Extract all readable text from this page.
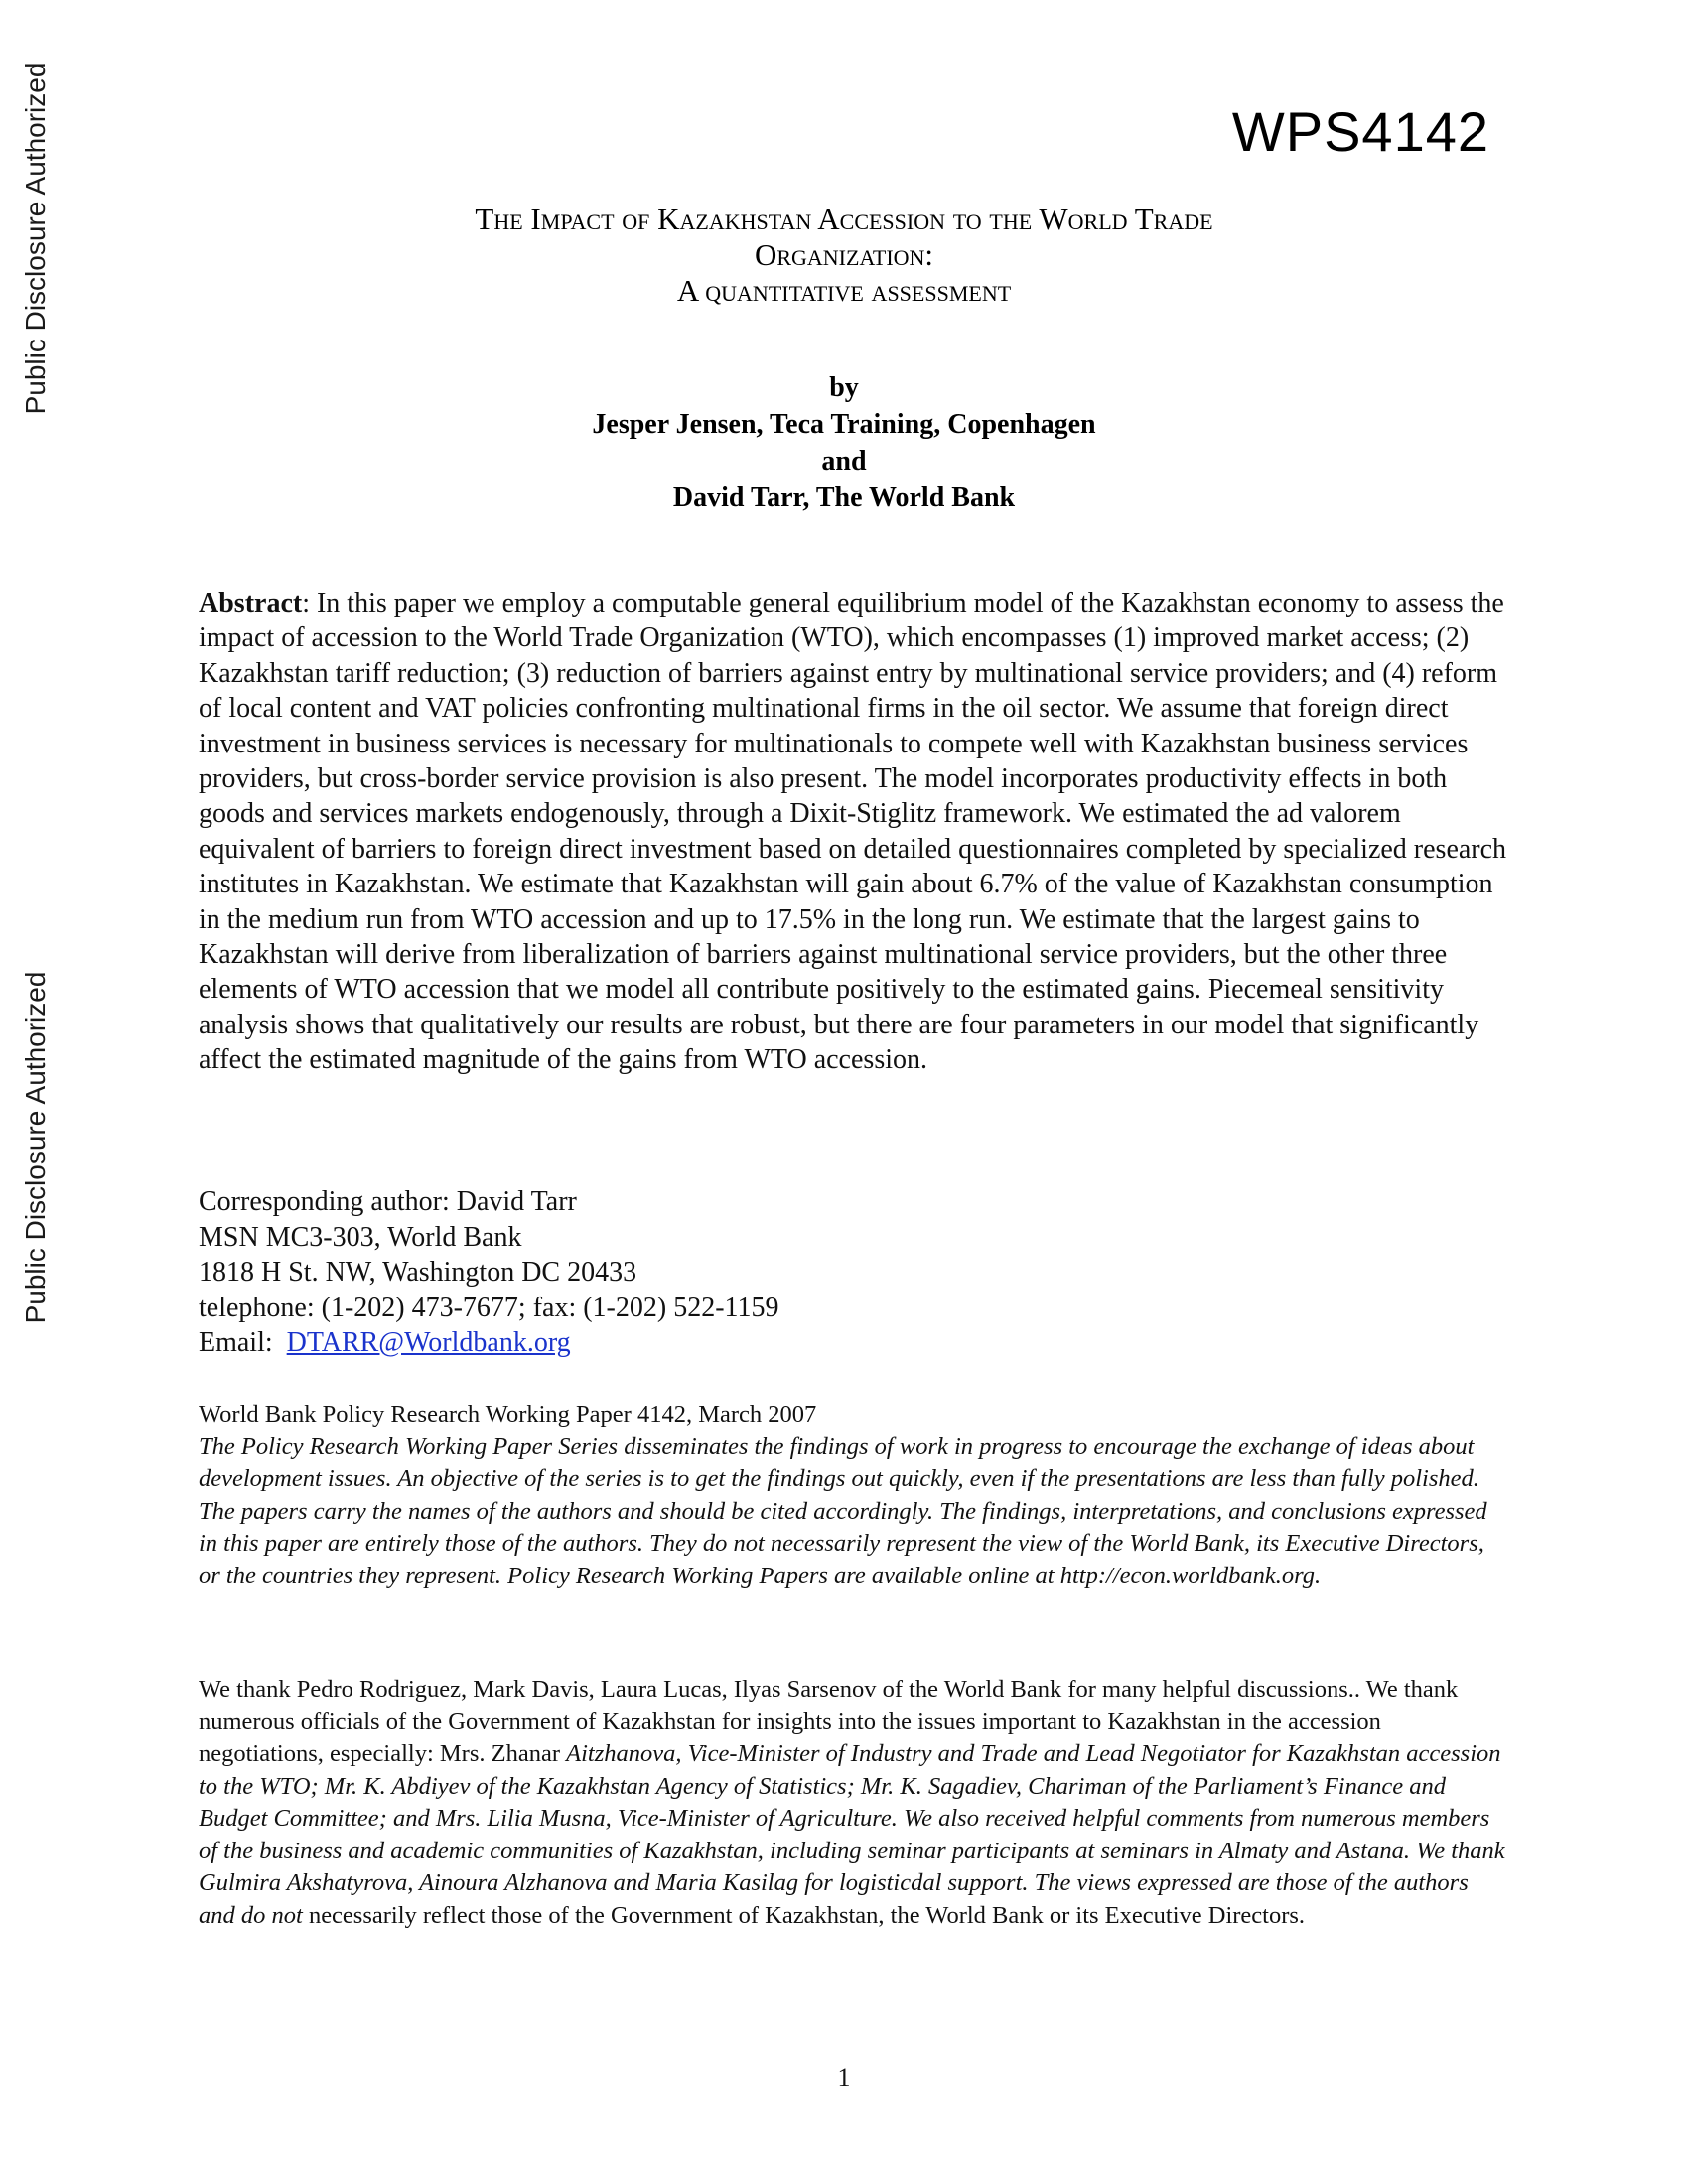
Public Disclosure Authorized
Public Disclosure Authorized
WPS4142
The Impact of Kazakhstan Accession to the World Trade
Organization:
A quantitative assessment
by
Jesper Jensen, Teca Training, Copenhagen
and
David Tarr, The World Bank

Abstract: In this paper we employ a computable general equilibrium model of the Kazakhstan economy to assess the impact of accession to the World Trade Organization (WTO), which encompasses (1) improved market access; (2) Kazakhstan tariff reduction; (3) reduction of barriers against entry by multinational service providers; and (4) reform of local content and VAT policies confronting multinational firms in the oil sector. We assume that foreign direct investment in business services is necessary for multinationals to compete well with Kazakhstan business services providers, but cross-border service provision is also present. The model incorporates productivity effects in both goods and services markets endogenously, through a Dixit-Stiglitz framework. We estimated the ad valorem equivalent of barriers to foreign direct investment based on detailed questionnaires completed by specialized research institutes in Kazakhstan. We estimate that Kazakhstan will gain about 6.7% of the value of Kazakhstan consumption in the medium run from WTO accession and up to 17.5% in the long run. We estimate that the largest gains to Kazakhstan will derive from liberalization of barriers against multinational service providers, but the other three elements of WTO accession that we model all contribute positively to the estimated gains. Piecemeal sensitivity analysis shows that qualitatively our results are robust, but there are four parameters in our model that significantly affect the estimated magnitude of the gains from WTO accession.

Corresponding author: David Tarr
MSN MC3-303, World Bank
1818 H St. NW, Washington DC 20433
telephone: (1-202) 473-7677; fax: (1-202) 522-1159
Email: DTARR@Worldbank.org
World Bank Policy Research Working Paper 4142, March 2007
The Policy Research Working Paper Series disseminates the findings of work in progress to encourage the exchange of ideas about development issues. An objective of the series is to get the findings out quickly, even if the presentations are less than fully polished. The papers carry the names of the authors and should be cited accordingly. The findings, interpretations, and conclusions expressed in this paper are entirely those of the authors. They do not necessarily represent the view of the World Bank, its Executive Directors, or the countries they represent. Policy Research Working Papers are available online at http://econ.worldbank.org.

We thank Pedro Rodriguez, Mark Davis, Laura Lucas, Ilyas Sarsenov of the World Bank for many helpful discussions.. We thank numerous officials of the Government of Kazakhstan for insights into the issues important to Kazakhstan in the accession negotiations, especially: Mrs. Zhanar Aitzhanova, Vice-Minister of Industry and Trade and Lead Negotiator for Kazakhstan accession to the WTO; Mr. K. Abdiyev of the Kazakhstan Agency of Statistics; Mr. K. Sagadiev, Chariman of the Parliament’s Finance and Budget Committee; and Mrs. Lilia Musna, Vice-Minister of Agriculture. We also received helpful comments from numerous members of the business and academic communities of Kazakhstan, including seminar participants at seminars in Almaty and Astana. We thank Gulmira Akshatyrova, Ainoura Alzhanova and Maria Kasilag for logisticdal support. The views expressed are those of the authors and do not necessarily reflect those of the Government of Kazakhstan, the World Bank or its Executive Directors.

1
